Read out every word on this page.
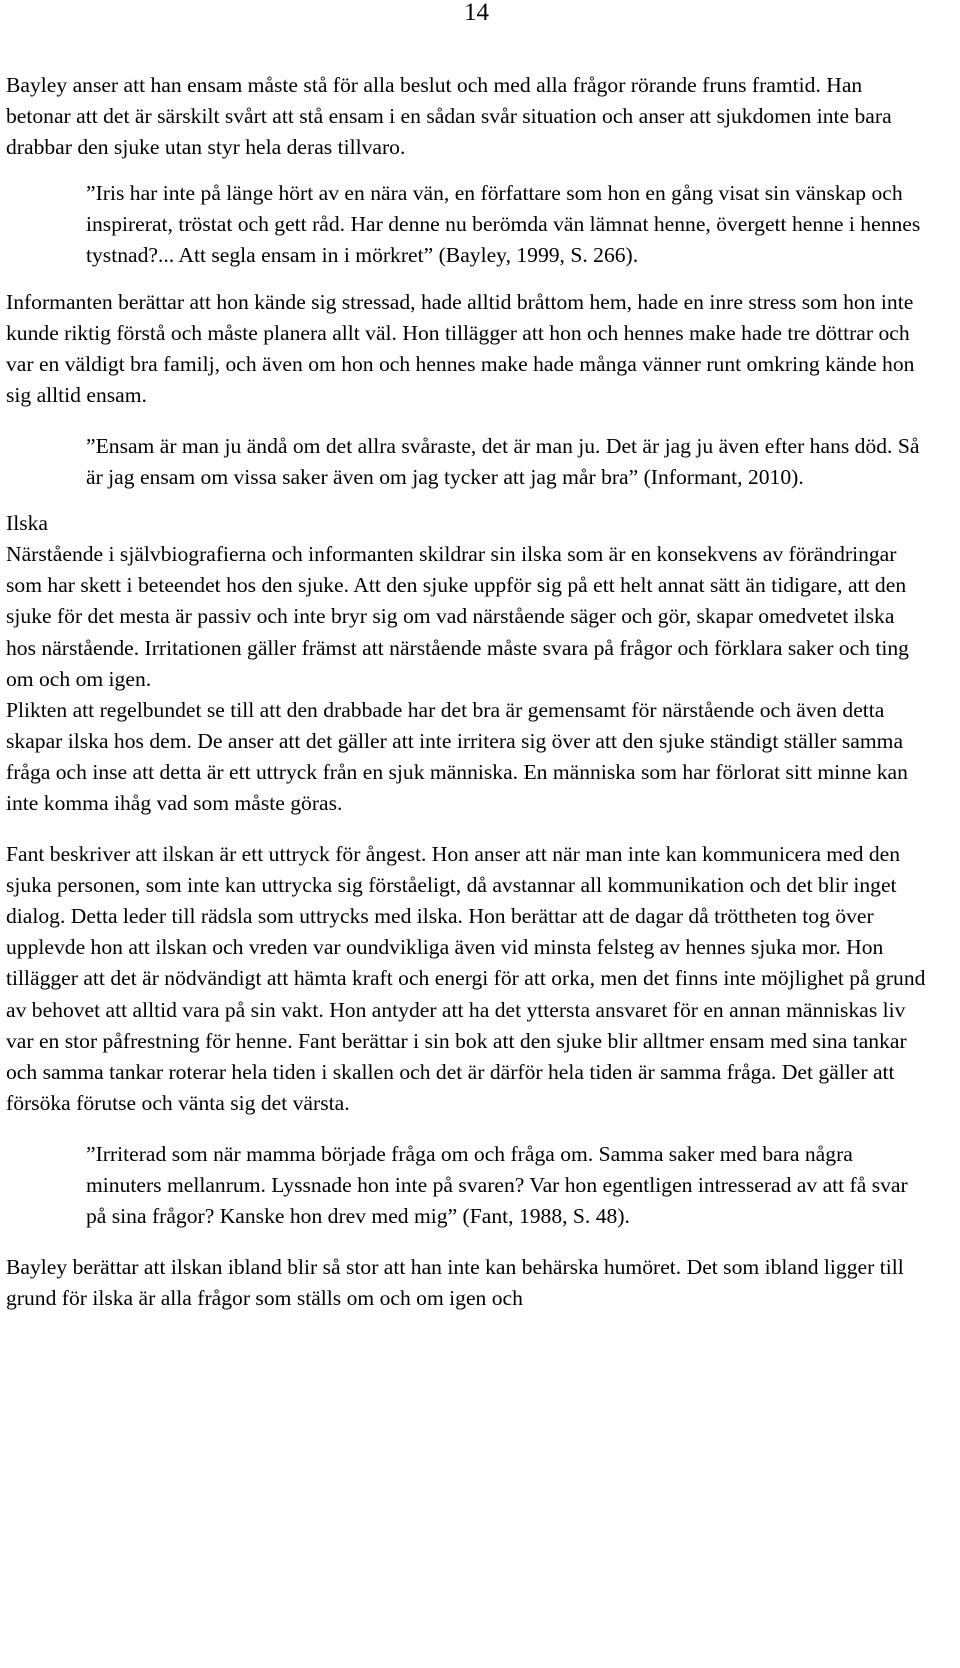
14

Bayley anser att han ensam måste stå för alla beslut och med alla frågor rörande fruns framtid. Han betonar att det är särskilt svårt att stå ensam i en sådan svår situation och anser att sjukdomen inte bara drabbar den sjuke utan styr hela deras tillvaro.

”Iris har inte på länge hört av en nära vän, en författare som hon en gång visat sin vänskap och inspirerat, tröstat och gett råd. Har denne nu berömda vän lämnat henne, övergett henne i hennes tystnad?... Att segla ensam in i mörkret” (Bayley, 1999, S. 266).

Informanten berättar att hon kände sig stressad, hade alltid bråttom hem, hade en inre stress som hon inte kunde riktig förstå och måste planera allt väl. Hon tillägger att hon och hennes make hade tre döttrar och var en väldigt bra familj, och även om hon och hennes make hade många vänner runt omkring kände hon sig alltid ensam.

”Ensam är man ju ändå om det allra svåraste, det är man ju. Det är jag ju även efter hans död. Så är jag ensam om vissa saker även om jag tycker att jag mår bra” (Informant, 2010).

Ilska

Närstående i självbiografierna och informanten skildrar sin ilska som är en konsekvens av förändringar som har skett i beteendet hos den sjuke. Att den sjuke uppför sig på ett helt annat sätt än tidigare, att den sjuke för det mesta är passiv och inte bryr sig om vad närstående säger och gör, skapar omedvetet ilska hos närstående. Irritationen gäller främst att närstående måste svara på frågor och förklara saker och ting om och om igen.

Plikten att regelbundet se till att den drabbade har det bra är gemensamt för närstående och även detta skapar ilska hos dem. De anser att det gäller att inte irritera sig över att den sjuke ständigt ställer samma fråga och inse att detta är ett uttryck från en sjuk människa. En människa som har förlorat sitt minne kan inte komma ihåg vad som måste göras.

Fant beskriver att ilskan är ett uttryck för ångest. Hon anser att när man inte kan kommunicera med den sjuka personen, som inte kan uttrycka sig förståeligt, då avstannar all kommunikation och det blir inget dialog. Detta leder till rädsla som uttrycks med ilska. Hon berättar att de dagar då tröttheten tog över upplevde hon att ilskan och vreden var oundvikliga även vid minsta felsteg av hennes sjuka mor. Hon tillägger att det är nödvändigt att hämta kraft och energi för att orka, men det finns inte möjlighet på grund av behovet att alltid vara på sin vakt. Hon antyder att ha det yttersta ansvaret för en annan människas liv var en stor påfrestning för henne. Fant berättar i sin bok att den sjuke blir alltmer ensam med sina tankar och samma tankar roterar hela tiden i skallen och det är därför hela tiden är samma fråga. Det gäller att försöka förutse och vänta sig det värsta.

”Irriterad som när mamma började fråga om och fråga om. Samma saker med bara några minuters mellanrum. Lyssnade hon inte på svaren? Var hon egentligen intresserad av att få svar på sina frågor? Kanske hon drev med mig” (Fant, 1988, S. 48).

Bayley berättar att ilskan ibland blir så stor att han inte kan behärska humöret. Det som ibland ligger till grund för ilska är alla frågor som ställs om och om igen och
